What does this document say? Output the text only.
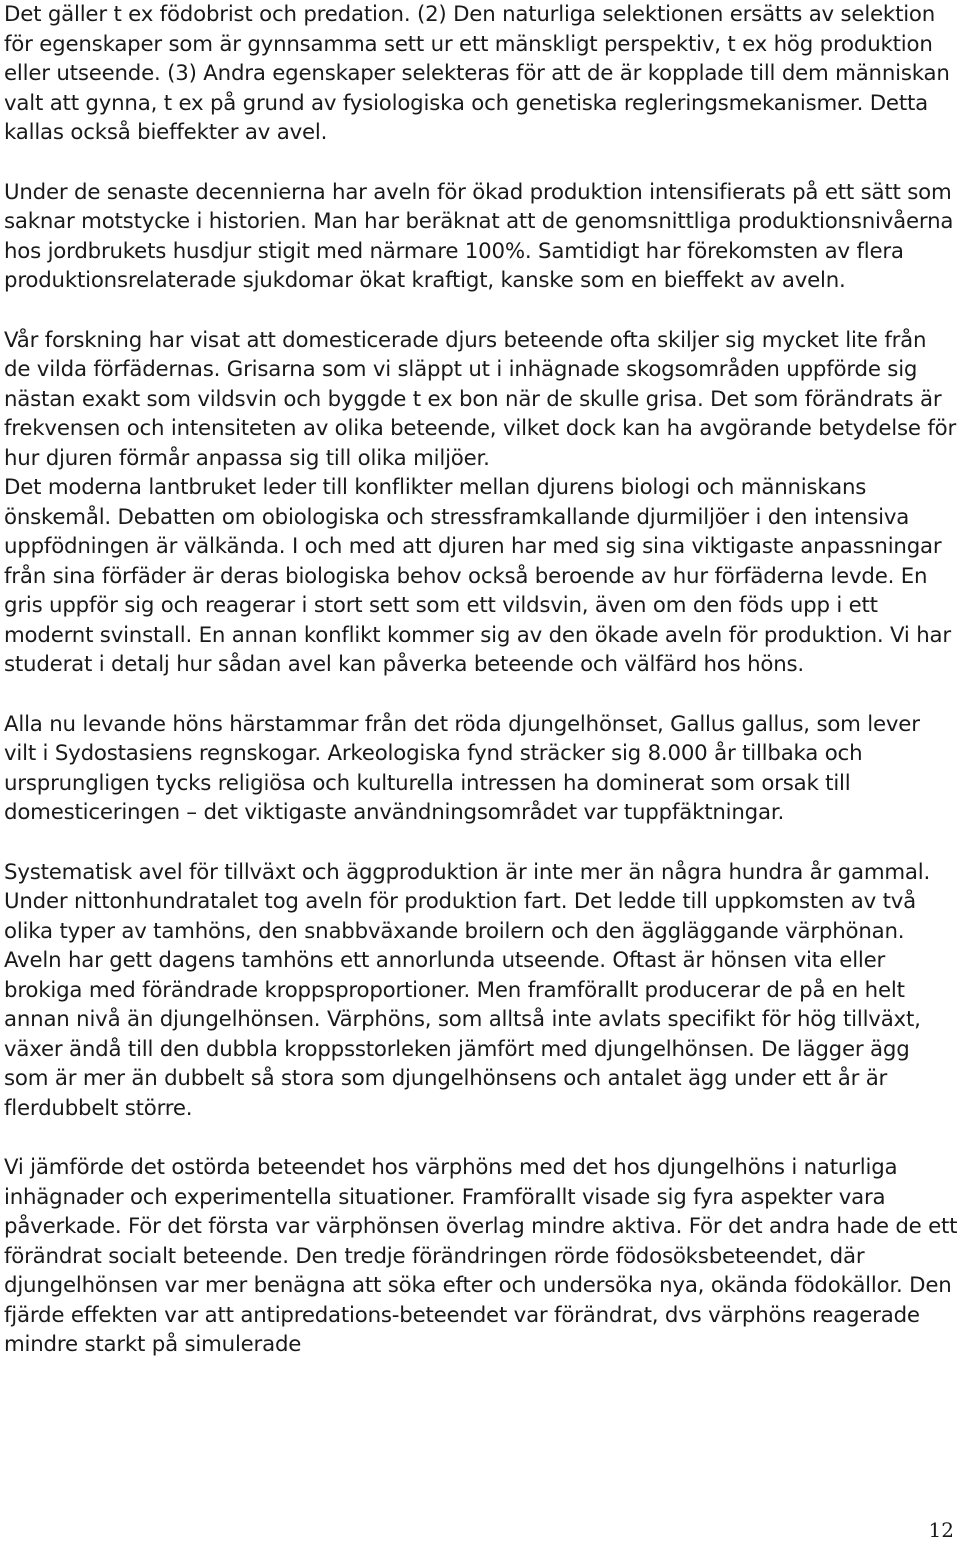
Det gäller t ex födobrist och predation. (2) Den naturliga selektionen ersätts av selektion för egenskaper som är gynnsamma sett ur ett mänskligt perspektiv, t ex hög produktion eller utseende. (3) Andra egenskaper selekteras för att de är kopplade till dem människan valt att gynna, t ex på grund av fysiologiska och genetiska regleringsmekanismer. Detta kallas också bieffekter av avel.

Under de senaste decennierna har aveln för ökad produktion intensifierats på ett sätt som saknar motstycke i historien. Man har beräknat att de genomsnittliga produktionsnivåerna hos jordbrukets husdjur stigit med närmare 100%. Samtidigt har förekomsten av flera produktionsrelaterade sjukdomar ökat kraftigt, kanske som en bieffekt av aveln.

Vår forskning har visat att domesticerade djurs beteende ofta skiljer sig mycket lite från de vilda förfädernas. Grisarna som vi släppt ut i inhägnade skogsområden uppförde sig nästan exakt som vildsvin och byggde t ex bon när de skulle grisa. Det som förändrats är frekvensen och intensiteten av olika beteende, vilket dock kan ha avgörande betydelse för hur djuren förmår anpassa sig till olika miljöer.

Det moderna lantbruket leder till konflikter mellan djurens biologi och människans önskemål. Debatten om obiologiska och stressframkallande djurmiljöer i den intensiva uppfödningen är välkända. I och med att djuren har med sig sina viktigaste anpassningar från sina förfäder är deras biologiska behov också beroende av hur förfäderna levde. En gris uppför sig och reagerar i stort sett som ett vildsvin, även om den föds upp i ett modernt svinstall. En annan konflikt kommer sig av den ökade aveln för produktion. Vi har studerat i detalj hur sådan avel kan påverka beteende och välfärd hos höns.

Alla nu levande höns härstammar från det röda djungelhönset, Gallus gallus, som lever vilt i Sydostasiens regnskogar. Arkeologiska fynd sträcker sig 8.000 år tillbaka och ursprungligen tycks religiösa och kulturella intressen ha dominerat som orsak till domesticeringen – det viktigaste användningsområdet var tuppfäktningar.

Systematisk avel för tillväxt och äggproduktion är inte mer än några hundra år gammal.

Under nittonhundratalet tog aveln för produktion fart. Det ledde till uppkomsten av två olika typer av tamhöns, den snabbväxande broilern och den äggläggande värphönan.

Aveln har gett dagens tamhöns ett annorlunda utseende. Oftast är hönsen vita eller brokiga med förändrade kroppsproportioner. Men framförallt producerar de på en helt annan nivå än djungelhönsen. Värphöns, som alltså inte avlats specifikt för hög tillväxt, växer ändå till den dubbla kroppsstorleken jämfört med djungelhönsen. De lägger ägg som är mer än dubbelt så stora som djungelhönsens och antalet ägg under ett år är flerdubbelt större.

Vi jämförde det ostörda beteendet hos värphöns med det hos djungelhöns i naturliga inhägnader och experimentella situationer. Framförallt visade sig fyra aspekter vara påverkade. För det första var värphönsen överlag mindre aktiva. För det andra hade de ett förändrat socialt beteende. Den tredje förändringen rörde födosöksbeteendet, där djungelhönsen var mer benägna att söka efter och undersöka nya, okända födokällor. Den fjärde effekten var att antipredations-beteendet var förändrat, dvs värphöns reagerade mindre starkt på simulerade

12
